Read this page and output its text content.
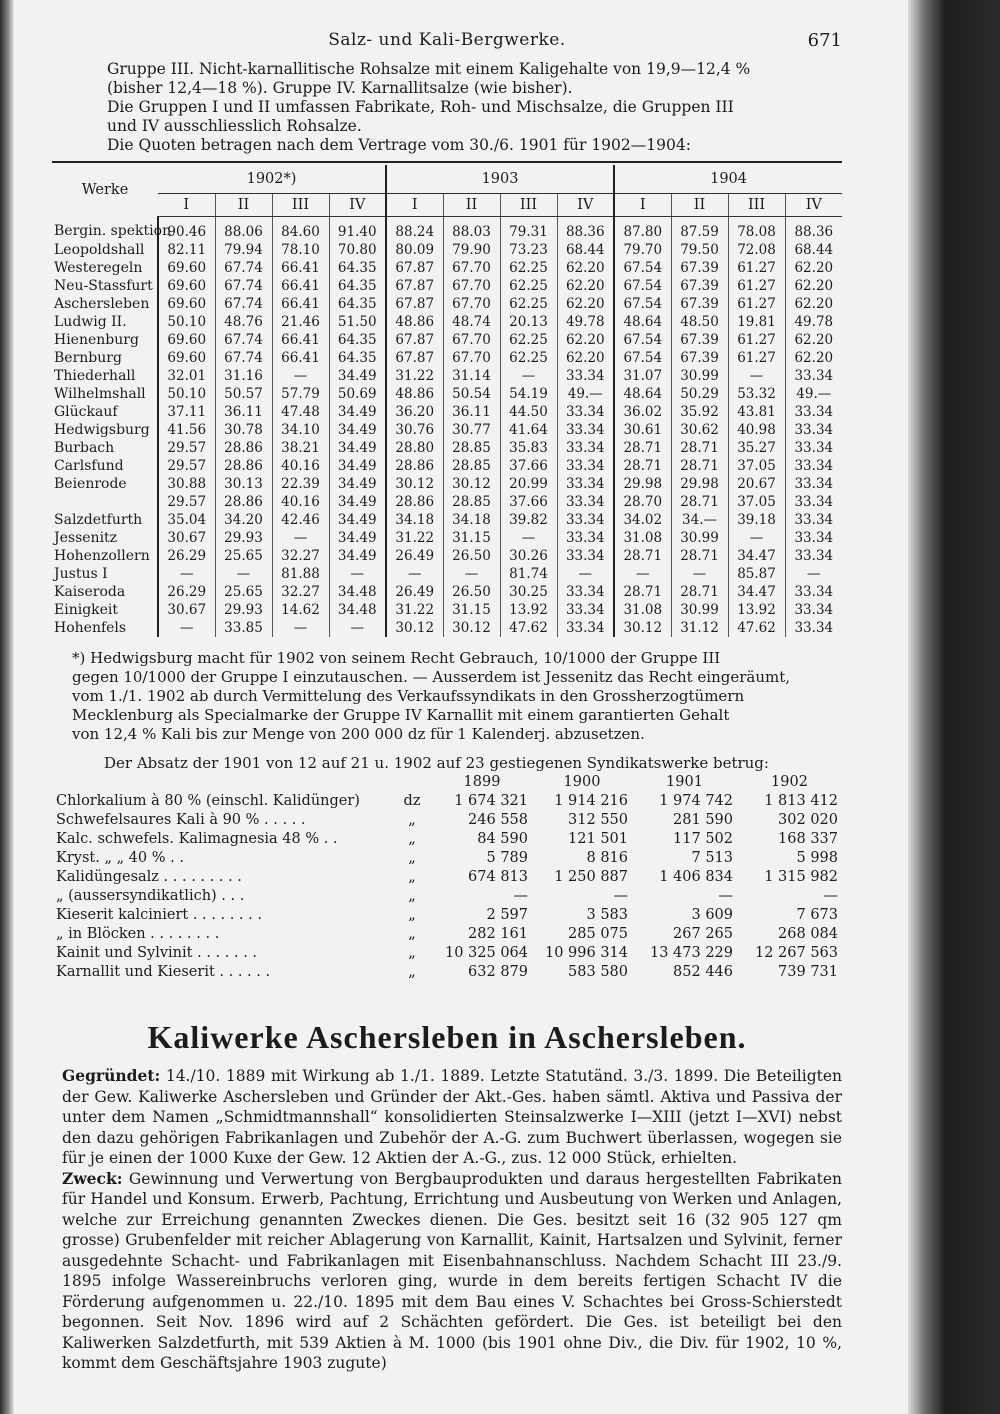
Salz- und Kali-Bergwerke.	671

Gruppe III. Nicht-karnallitische Rohsalze mit einem Kaligehalte von 19,9—12,4 %

(bisher 12,4—18 %). Gruppe IV. Karnallitsalze (wie bisher).

Die Gruppen I und II umfassen Fabrikate, Roh- und Mischsalze, die Gruppen III

und IV ausschliesslich Rohsalze.

Die Quoten betragen nach dem Vertrage vom 30./6. 1901 für 1902—1904:

Werke	1902*)				1903				1904			
	I	II	III	IV	I	II	III	IV	I	II	III	IV
Bergin. spektion	90.46	88.06	84.60	91.40	88.24	88.03	79.31	88.36	87.80	87.59	78.08	88.36
Leopoldshall	82.11	79.94	78.10	70.80	80.09	79.90	73.23	68.44	79.70	79.50	72.08	68.44
Westeregeln	69.60	67.74	66.41	64.35	67.87	67.70	62.25	62.20	67.54	67.39	61.27	62.20
Neu-Stassfurt	69.60	67.74	66.41	64.35	67.87	67.70	62.25	62.20	67.54	67.39	61.27	62.20
Aschersleben	69.60	67.74	66.41	64.35	67.87	67.70	62.25	62.20	67.54	67.39	61.27	62.20
Ludwig II.	50.10	48.76	21.46	51.50	48.86	48.74	20.13	49.78	48.64	48.50	19.81	49.78
Hienenburg	69.60	67.74	66.41	64.35	67.87	67.70	62.25	62.20	67.54	67.39	61.27	62.20
Bernburg	69.60	67.74	66.41	64.35	67.87	67.70	62.25	62.20	67.54	67.39	61.27	62.20
Thiederhall	32.01	31.16	—	34.49	31.22	31.14	—	33.34	31.07	30.99	—	33.34
Wilhelmshall	50.10	50.57	57.79	50.69	48.86	50.54	54.19	49.—	48.64	50.29	53.32	49.—
Glückauf	37.11	36.11	47.48	34.49	36.20	36.11	44.50	33.34	36.02	35.92	43.81	33.34
Hedwigsburg	41.56	30.78	34.10	34.49	30.76	30.77	41.64	33.34	30.61	30.62	40.98	33.34
Burbach	29.57	28.86	38.21	34.49	28.80	28.85	35.83	33.34	28.71	28.71	35.27	33.34
Carlsfund	29.57	28.86	40.16	34.49	28.86	28.85	37.66	33.34	28.71	28.71	37.05	33.34
Beienrode	30.88	30.13	22.39	34.49	30.12	30.12	20.99	33.34	29.98	29.98	20.67	33.34
	29.57	28.86	40.16	34.49	28.86	28.85	37.66	33.34	28.70	28.71	37.05	33.34
Salzdetfurth	35.04	34.20	42.46	34.49	34.18	34.18	39.82	33.34	34.02	34.—	39.18	33.34
Jessenitz	30.67	29.93	—	34.49	31.22	31.15	—	33.34	31.08	30.99	—	33.34
Hohenzollern	26.29	25.65	32.27	34.49	26.49	26.50	30.26	33.34	28.71	28.71	34.47	33.34
Justus I	—	—	81.88	—	—	—	81.74	—	—	—	85.87	—
Kaiseroda	26.29	25.65	32.27	34.48	26.49	26.50	30.25	33.34	28.71	28.71	34.47	33.34
Einigkeit	30.67	29.93	14.62	34.48	31.22	31.15	13.92	33.34	31.08	30.99	13.92	33.34
Hohenfels	—	33.85	—	—	30.12	30.12	47.62	33.34	30.12	31.12	47.62	33.34

*) Hedwigsburg macht für 1902 von seinem Recht Gebrauch, 10/1000 der Gruppe III

gegen 10/1000 der Gruppe I einzutauschen. — Ausserdem ist Jessenitz das Recht eingeräumt,

vom 1./1. 1902 ab durch Vermittelung des Verkaufssyndikats in den Grossherzogtümern

Mecklenburg als Specialmarke der Gruppe IV Karnallit mit einem garantierten Gehalt

von 12,4 % Kali bis zur Menge von 200 000 dz für 1 Kalenderj. abzusetzen.

Der Absatz der 1901 von 12 auf 21 u. 1902 auf 23 gestiegenen Syndikatswerke betrug:
		1899	1900	1901	1902
Chlorkalium à 80 % (einschl. Kalidünger)	dz	1 674 321	1 914 216	1 974 742	1 813 412
Schwefelsaures Kali à 90 % . . . . .	„	246 558	312 550	281 590	302 020
Kalc. schwefels. Kalimagnesia 48 % . .	„	84 590	121 501	117 502	168 337
Kryst. „ „ 40 % . .	„	5 789	8 816	7 513	5 998
Kalidüngesalz . . . . . . . . .	„	674 813	1 250 887	1 406 834	1 315 982
„ (aussersyndikatlich) . . .	„	—	—	—	—
Kieserit kalciniert . . . . . . . .	„	2 597	3 583	3 609	7 673
„ in Blöcken . . . . . . . .	„	282 161	285 075	267 265	268 084
Kainit und Sylvinit . . . . . . .	„	10 325 064	10 996 314	13 473 229	12 267 563
Karnallit und Kieserit . . . . . .	„	632 879	583 580	852 446	739 731
Kaliwerke Aschersleben in Aschersleben.

Gegründet: 14./10. 1889 mit Wirkung ab 1./1. 1889. Letzte Statutänd. 3./3. 1899. Die Beteiligten der Gew. Kaliwerke Aschersleben und Gründer der Akt.-Ges. haben sämtl. Aktiva und Passiva der unter dem Namen „Schmidtmannshall“ konsolidierten Steinsalzwerke I—XIII (jetzt I—XVI) nebst den dazu gehörigen Fabrikanlagen und Zubehör der A.-G. zum Buchwert überlassen, wogegen sie für je einen der 1000 Kuxe der Gew. 12 Aktien der A.-G., zus. 12 000 Stück, erhielten.

Zweck: Gewinnung und Verwertung von Bergbauprodukten und daraus hergestellten Fabrikaten für Handel und Konsum. Erwerb, Pachtung, Errichtung und Ausbeutung von Werken und Anlagen, welche zur Erreichung genannten Zweckes dienen. Die Ges. besitzt seit 16 (32 905 127 qm grosse) Grubenfelder mit reicher Ablagerung von Karnallit, Kainit, Hartsalzen und Sylvinit, ferner ausgedehnte Schacht- und Fabrikanlagen mit Eisenbahnanschluss. Nachdem Schacht III 23./9. 1895 infolge Wassereinbruchs verloren ging, wurde in dem bereits fertigen Schacht IV die Förderung aufgenommen u. 22./10. 1895 mit dem Bau eines V. Schachtes bei Gross-Schierstedt begonnen. Seit Nov. 1896 wird auf 2 Schächten gefördert. Die Ges. ist beteiligt bei den Kaliwerken Salzdetfurth, mit 539 Aktien à M. 1000 (bis 1901 ohne Div., die Div. für 1902, 10 %, kommt dem Geschäftsjahre 1903 zugute)
